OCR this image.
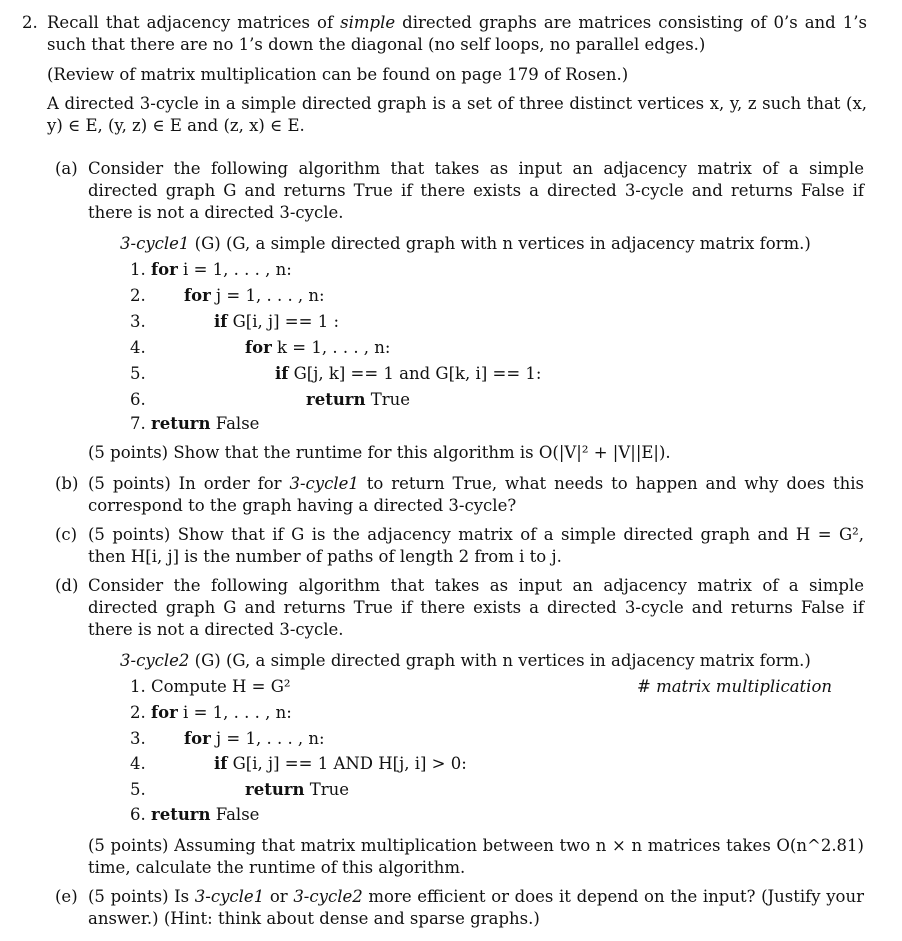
2. Recall that adjacency matrices of simple directed graphs are matrices consisting of 0’s and 1’s such that there are no 1’s down the diagonal (no self loops, no parallel edges.)
(Review of matrix multiplication can be found on page 179 of Rosen.)
A directed 3-cycle in a simple directed graph is a set of three distinct vertices x, y, z such that (x, y) ∈ E, (y, z) ∈ E and (z, x) ∈ E.
(a) Consider the following algorithm that takes as input an adjacency matrix of a simple directed graph G and returns True if there exists a directed 3-cycle and returns False if there is not a directed 3-cycle.
3-cycle1 (G) (G, a simple directed graph with n vertices in adjacency matrix form.)
1. for i = 1, . . . , n:
2. for j = 1, . . . , n:
3.	if G[i, j] == 1 :
4.	for k = 1, . . . , n:
5.	if G[j, k] == 1 and G[k, i] == 1:
6.	return True
7. return False
(5 points) Show that the runtime for this algorithm is O(|V|² + |V||E|).
(b) (5 points) In order for 3-cycle1 to return True, what needs to happen and why does this correspond to the graph having a directed 3-cycle?
(c) (5 points) Show that if G is the adjacency matrix of a simple directed graph and H = G², then H[i, j] is the number of paths of length 2 from i to j.
(d) Consider the following algorithm that takes as input an adjacency matrix of a simple directed graph G and returns True if there exists a directed 3-cycle and returns False if there is not a directed 3-cycle.
3-cycle2 (G) (G, a simple directed graph with n vertices in adjacency matrix form.)
1. Compute H = G²	# matrix multiplication
2. for i = 1, . . . , n:
3. for j = 1, . . . , n:
4.	if G[i, j] == 1 AND H[j, i] > 0:
5.	return True
6. return False
(5 points) Assuming that matrix multiplication between two n × n matrices takes O(n^2.81) time, calculate the runtime of this algorithm.
(e) (5 points) Is 3-cycle1 or 3-cycle2 more efficient or does it depend on the input? (Justify your answer.) (Hint: think about dense and sparse graphs.)
